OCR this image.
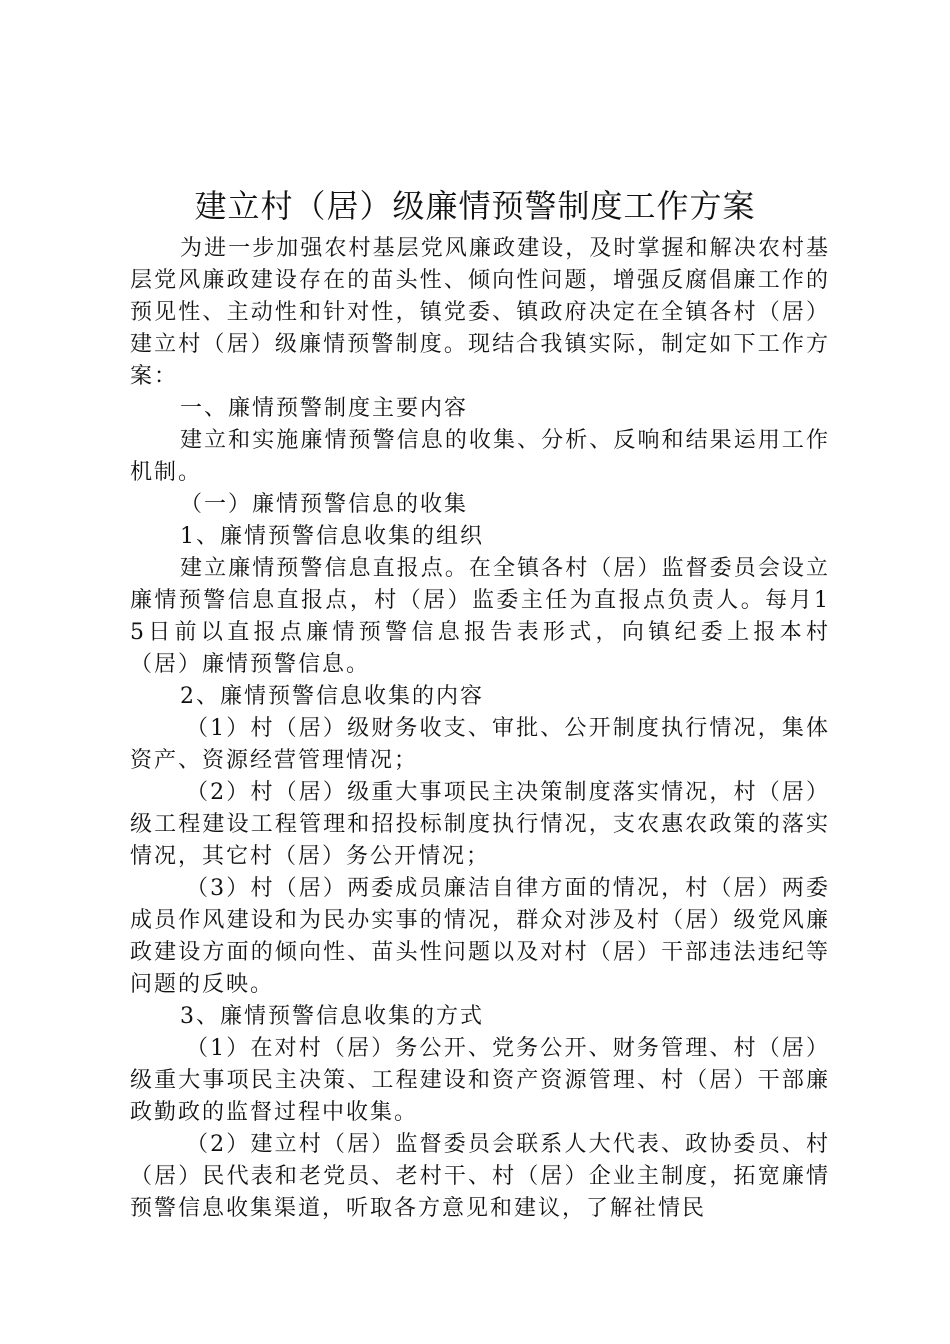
建立村（居）级廉情预警制度工作方案

为进一步加强农村基层党风廉政建设，及时掌握和解决农村基层党风廉政建设存在的苗头性、倾向性问题，增强反腐倡廉工作的预见性、主动性和针对性，镇党委、镇政府决定在全镇各村（居）建立村（居）级廉情预警制度。现结合我镇实际，制定如下工作方案：

一、廉情预警制度主要内容

建立和实施廉情预警信息的收集、分析、反响和结果运用工作机制。

（一）廉情预警信息的收集

1、廉情预警信息收集的组织

建立廉情预警信息直报点。在全镇各村（居）监督委员会设立廉情预警信息直报点，村（居）监委主任为直报点负责人。每月15日前以直报点廉情预警信息报告表形式，向镇纪委上报本村（居）廉情预警信息。

2、廉情预警信息收集的内容

（1）村（居）级财务收支、审批、公开制度执行情况，集体资产、资源经营管理情况；

（2）村（居）级重大事项民主决策制度落实情况，村（居）级工程建设工程管理和招投标制度执行情况，支农惠农政策的落实情况，其它村（居）务公开情况；

（3）村（居）两委成员廉洁自律方面的情况，村（居）两委成员作风建设和为民办实事的情况，群众对涉及村（居）级党风廉政建设方面的倾向性、苗头性问题以及对村（居）干部违法违纪等问题的反映。

3、廉情预警信息收集的方式

（1）在对村（居）务公开、党务公开、财务管理、村（居）级重大事项民主决策、工程建设和资产资源管理、村（居）干部廉政勤政的监督过程中收集。

（2）建立村（居）监督委员会联系人大代表、政协委员、村（居）民代表和老党员、老村干、村（居）企业主制度，拓宽廉情预警信息收集渠道，听取各方意见和建议，了解社情民
